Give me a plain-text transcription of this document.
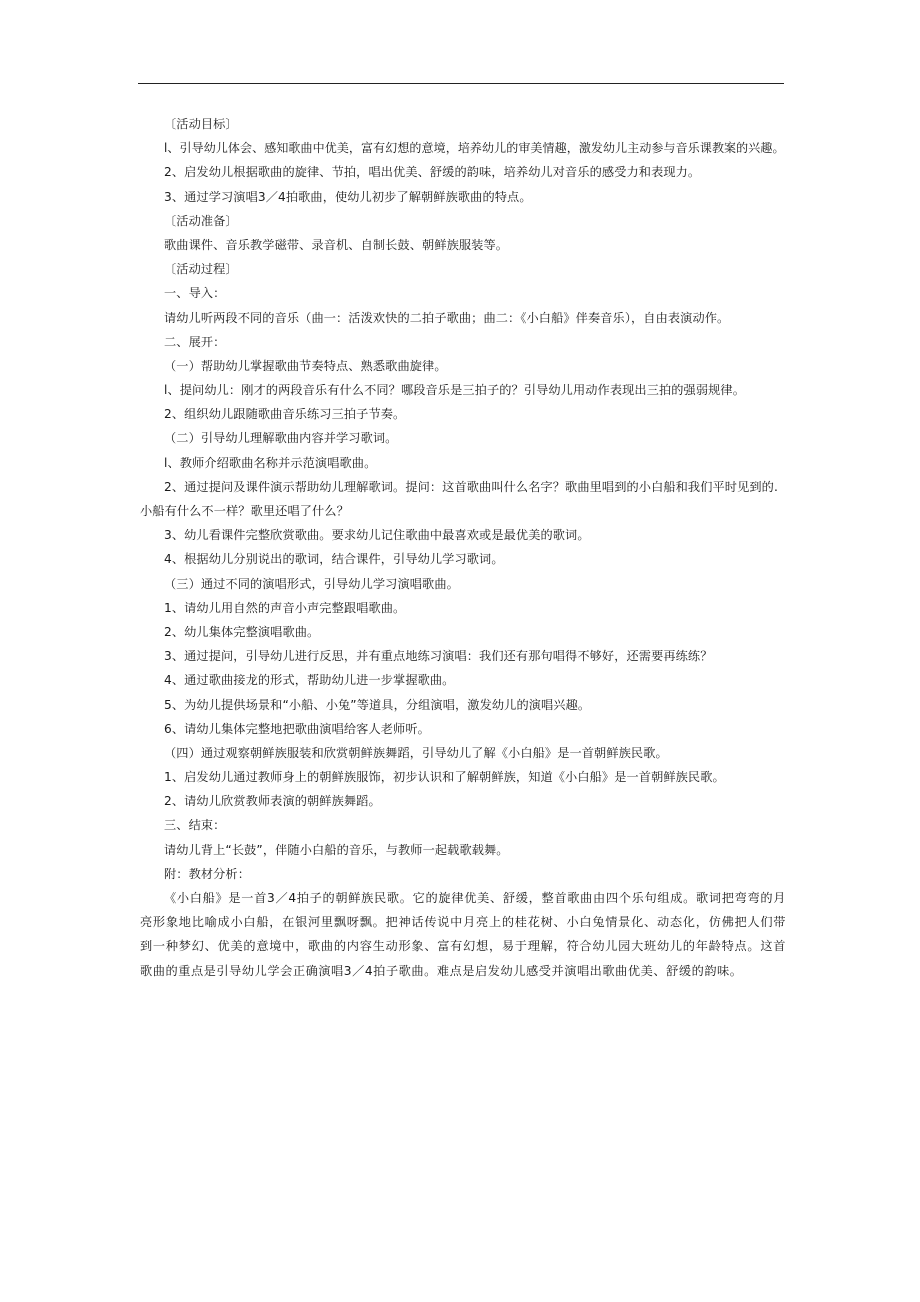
〔活动目标〕
l、引导幼儿体会、感知歌曲中优美，富有幻想的意境，培养幼儿的审美情趣，激发幼儿主动参与音乐课教案的兴趣。
2、启发幼儿根据歌曲的旋律、节拍，唱出优美、舒缓的韵味，培养幼儿对音乐的感受力和表现力。
3、通过学习演唱3／4拍歌曲，使幼儿初步了解朝鲜族歌曲的特点。
〔活动准备〕
歌曲课件、音乐教学磁带、录音机、自制长鼓、朝鲜族服装等。
〔活动过程〕
一、导入：
请幼儿听两段不同的音乐（曲一：活泼欢快的二拍子歌曲；曲二：《小白船》伴奏音乐），自由表演动作。
二、展开：
（一）帮助幼儿掌握歌曲节奏特点、熟悉歌曲旋律。
l、提问幼儿：刚才的两段音乐有什么不同？哪段音乐是三拍子的？引导幼儿用动作表现出三拍的强弱规律。
2、组织幼儿跟随歌曲音乐练习三拍子节奏。
（二）引导幼儿理解歌曲内容并学习歌词。
l、教师介绍歌曲名称并示范演唱歌曲。
2、通过提问及课件演示帮助幼儿理解歌词。提问：这首歌曲叫什么名字？歌曲里唱到的小白船和我们平时见到的.
小船有什么不一样？歌里还唱了什么？
3、幼儿看课件完整欣赏歌曲。要求幼儿记住歌曲中最喜欢或是最优美的歌词。
4、根据幼儿分别说出的歌词，结合课件，引导幼儿学习歌词。
（三）通过不同的演唱形式，引导幼儿学习演唱歌曲。
1、请幼儿用自然的声音小声完整跟唱歌曲。
2、幼儿集体完整演唱歌曲。
3、通过提问，引导幼儿进行反思，并有重点地练习演唱：我们还有那句唱得不够好，还需要再练练？
4、通过歌曲接龙的形式，帮助幼儿进一步掌握歌曲。
5、为幼儿提供场景和“小船、小兔”等道具，分组演唱，激发幼儿的演唱兴趣。
6、请幼儿集体完整地把歌曲演唱给客人老师听。
（四）通过观察朝鲜族服装和欣赏朝鲜族舞蹈，引导幼儿了解《小白船》是一首朝鲜族民歌。
1、启发幼儿通过教师身上的朝鲜族服饰，初步认识和了解朝鲜族，知道《小白船》是一首朝鲜族民歌。
2、请幼儿欣赏教师表演的朝鲜族舞蹈。
三、结束：
请幼儿背上“长鼓”，伴随小白船的音乐，与教师一起载歌载舞。
附：教材分析：
《小白船》是一首3／4拍子的朝鲜族民歌。它的旋律优美、舒缓，整首歌曲由四个乐句组成。歌词把弯弯的月亮形象地比喻成小白船，在银河里飘呀飘。把神话传说中月亮上的桂花树、小白兔情景化、动态化，仿佛把人们带到一种梦幻、优美的意境中，歌曲的内容生动形象、富有幻想，易于理解，符合幼儿园大班幼儿的年龄特点。这首歌曲的重点是引导幼儿学会正确演唱3／4拍子歌曲。难点是启发幼儿感受并演唱出歌曲优美、舒缓的韵味。
